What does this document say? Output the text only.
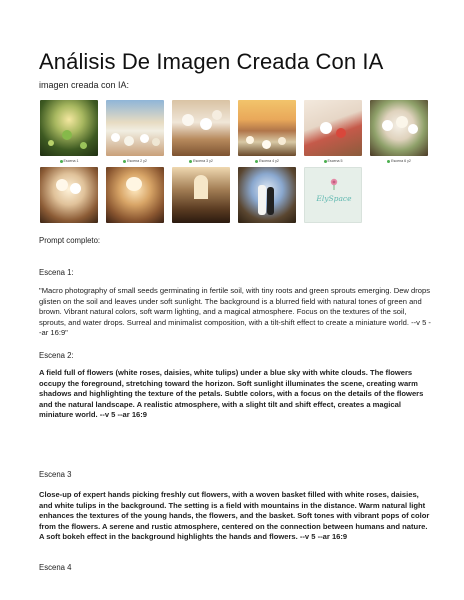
Análisis De Imagen Creada Con IA
imagen creada con IA:
Escena 1	Escena 2 y2	Escena 3 y2	Escena 4 y2	Escena 5	Escena 6 y2
ElySpace
Prompt completo:
Escena 1:
"Macro photography of small seeds germinating in fertile soil, with tiny roots and green sprouts emerging. Dew drops glisten on the soil and leaves under soft sunlight. The background is a blurred field with natural tones of green and brown. Vibrant natural colors, soft warm lighting, and a magical atmosphere. Focus on the textures of the soil, sprouts, and water drops. Surreal and minimalist composition, with a tilt-shift effect to create a miniature world. --v 5 --ar 16:9"
Escena 2:
A field full of flowers (white roses, daisies, white tulips) under a blue sky with white clouds. The flowers occupy the foreground, stretching toward the horizon. Soft sunlight illuminates the scene, creating warm shadows and highlighting the texture of the petals. Subtle colors, with a focus on the details of the flowers and the natural landscape. A realistic atmosphere, with a slight tilt and shift effect, creates a magical miniature world. --v 5 --ar 16:9
Escena 3
Close-up of expert hands picking freshly cut flowers, with a woven basket filled with white roses, daisies, and white tulips in the background. The setting is a field with mountains in the distance. Warm natural light enhances the textures of the young hands, the flowers, and the basket. Soft tones with vibrant pops of color from the flowers. A serene and rustic atmosphere, centered on the connection between humans and nature. A soft bokeh effect in the background highlights the hands and flowers. --v 5 --ar 16:9
Escena 4
